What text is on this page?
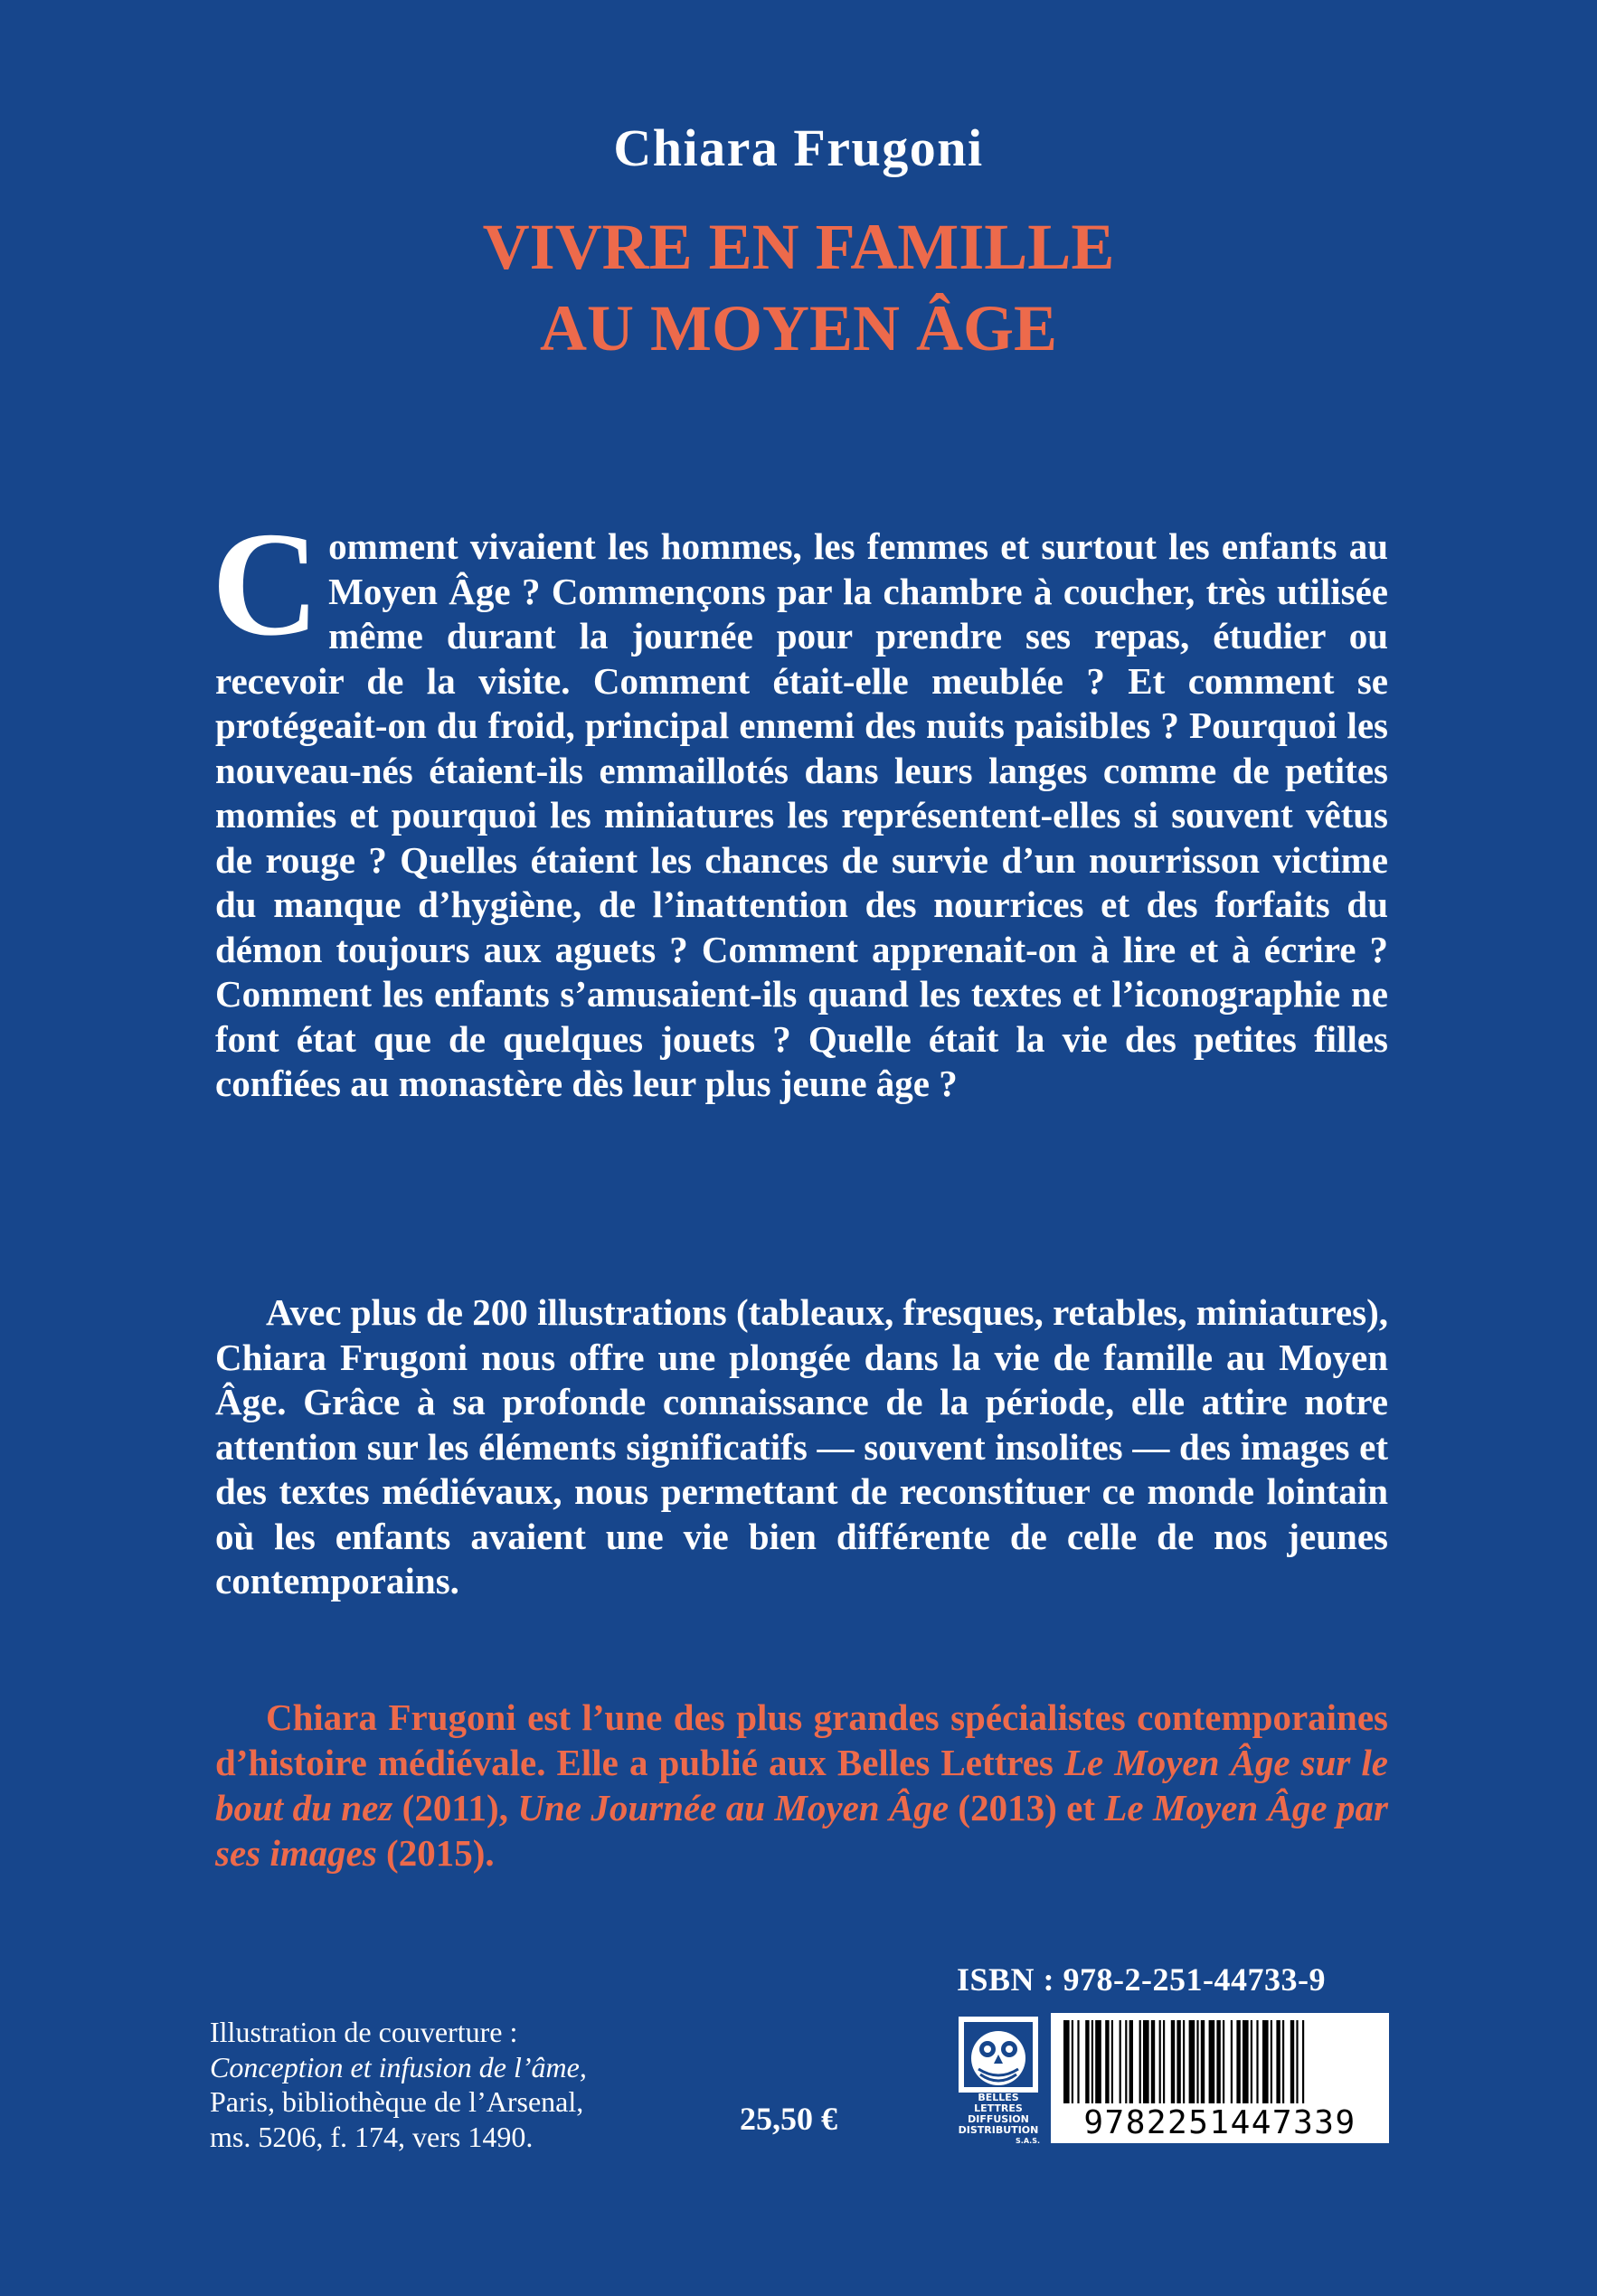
Chiara Frugoni
VIVRE EN FAMILLE
AU MOYEN ÂGE
Comment vivaient les hommes, les femmes et surtout les enfants au Moyen Âge ? Commençons par la chambre à coucher, très utilisée même durant la journée pour prendre ses repas, étudier ou recevoir de la visite. Comment était-elle meublée ? Et comment se protégeait-on du froid, principal ennemi des nuits paisibles ? Pourquoi les nouveau-nés étaient-ils emmaillotés dans leurs langes comme de petites momies et pourquoi les miniatures les représentent-elles si souvent vêtus de rouge ? Quelles étaient les chances de survie d’un nourrisson victime du manque d’hygiène, de l’inattention des nourrices et des forfaits du démon toujours aux aguets ? Comment apprenait-on à lire et à écrire ? Comment les enfants s’amusaient-ils quand les textes et l’iconographie ne font état que de quelques jouets ? Quelle était la vie des petites filles confiées au monastère dès leur plus jeune âge ?
Avec plus de 200 illustrations (tableaux, fresques, retables, miniatures), Chiara Frugoni nous offre une plongée dans la vie de famille au Moyen Âge. Grâce à sa profonde connaissance de la période, elle attire notre attention sur les éléments significatifs — souvent insolites — des images et des textes médiévaux, nous permettant de reconstituer ce monde lointain où les enfants avaient une vie bien différente de celle de nos jeunes contemporains.
Chiara Frugoni est l’une des plus grandes spécialistes contemporaines d’histoire médiévale. Elle a publié aux Belles Lettres Le Moyen Âge sur le bout du nez (2011), Une Journée au Moyen Âge (2013) et Le Moyen Âge par ses images (2015).
Illustration de couverture :
Conception et infusion de l’âme,
Paris, bibliothèque de l’Arsenal,
ms. 5206, f. 174, vers 1490.	25,50 €
ISBN : 978-2-251-44733-9
BELLES LETTRES
DIFFUSION
DISTRIBUTION
S.A.S.	9782251447339
